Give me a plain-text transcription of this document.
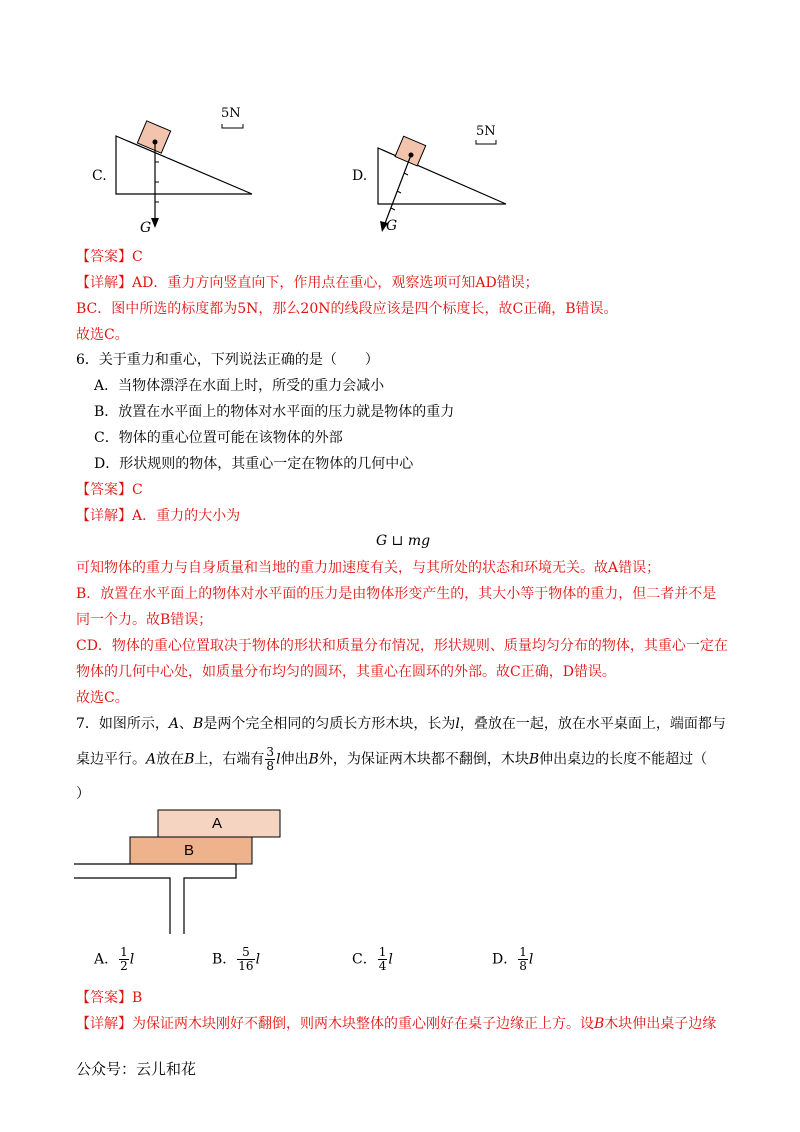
C.
5N
G
D.
5N
G
【答案】C
【详解】AD．重力方向竖直向下，作用点在重心，观察选项可知AD错误；
BC．图中所选的标度都为5N，那么20N的线段应该是四个标度长，故C正确，B错误。
故选C。
6．关于重力和重心，下列说法正确的是（　　）
A．当物体漂浮在水面上时，所受的重力会减小
B．放置在水平面上的物体对水平面的压力就是物体的重力
C．物体的重心位置可能在该物体的外部
D．形状规则的物体，其重心一定在物体的几何中心
【答案】C
【详解】A．重力的大小为
G ⊔ mg
可知物体的重力与自身质量和当地的重力加速度有关，与其所处的状态和环境无关。故A错误；
B．放置在水平面上的物体对水平面的压力是由物体形变产生的，其大小等于物体的重力，但二者并不是
同一个力。故B错误；
CD．物体的重心位置取决于物体的形状和质量分布情况，形状规则、质量均匀分布的物体，其重心一定在
物体的几何中心处，如质量分布均匀的圆环，其重心在圆环的外部。故C正确，D错误。
故选C。
7．如图所示，A、B是两个完全相同的匀质长方形木块，长为l，叠放在一起，放在水平桌面上，端面都与
桌边平行。A放在B上，右端有 $\frac{3}{8}$ l伸出B外，为保证两木块都不翻倒，木块B伸出桌边的长度不能超过（
）
A
B
A． $\frac{1}{2}$ l	B． $\frac{5}{16}$ l	C． $\frac{1}{4}$ l	D． $\frac{1}{8}$ l
【答案】B
【详解】为保证两木块刚好不翻倒，则两木块整体的重心刚好在桌子边缘正上方。设B木块伸出桌子边缘
公众号：云儿和花
